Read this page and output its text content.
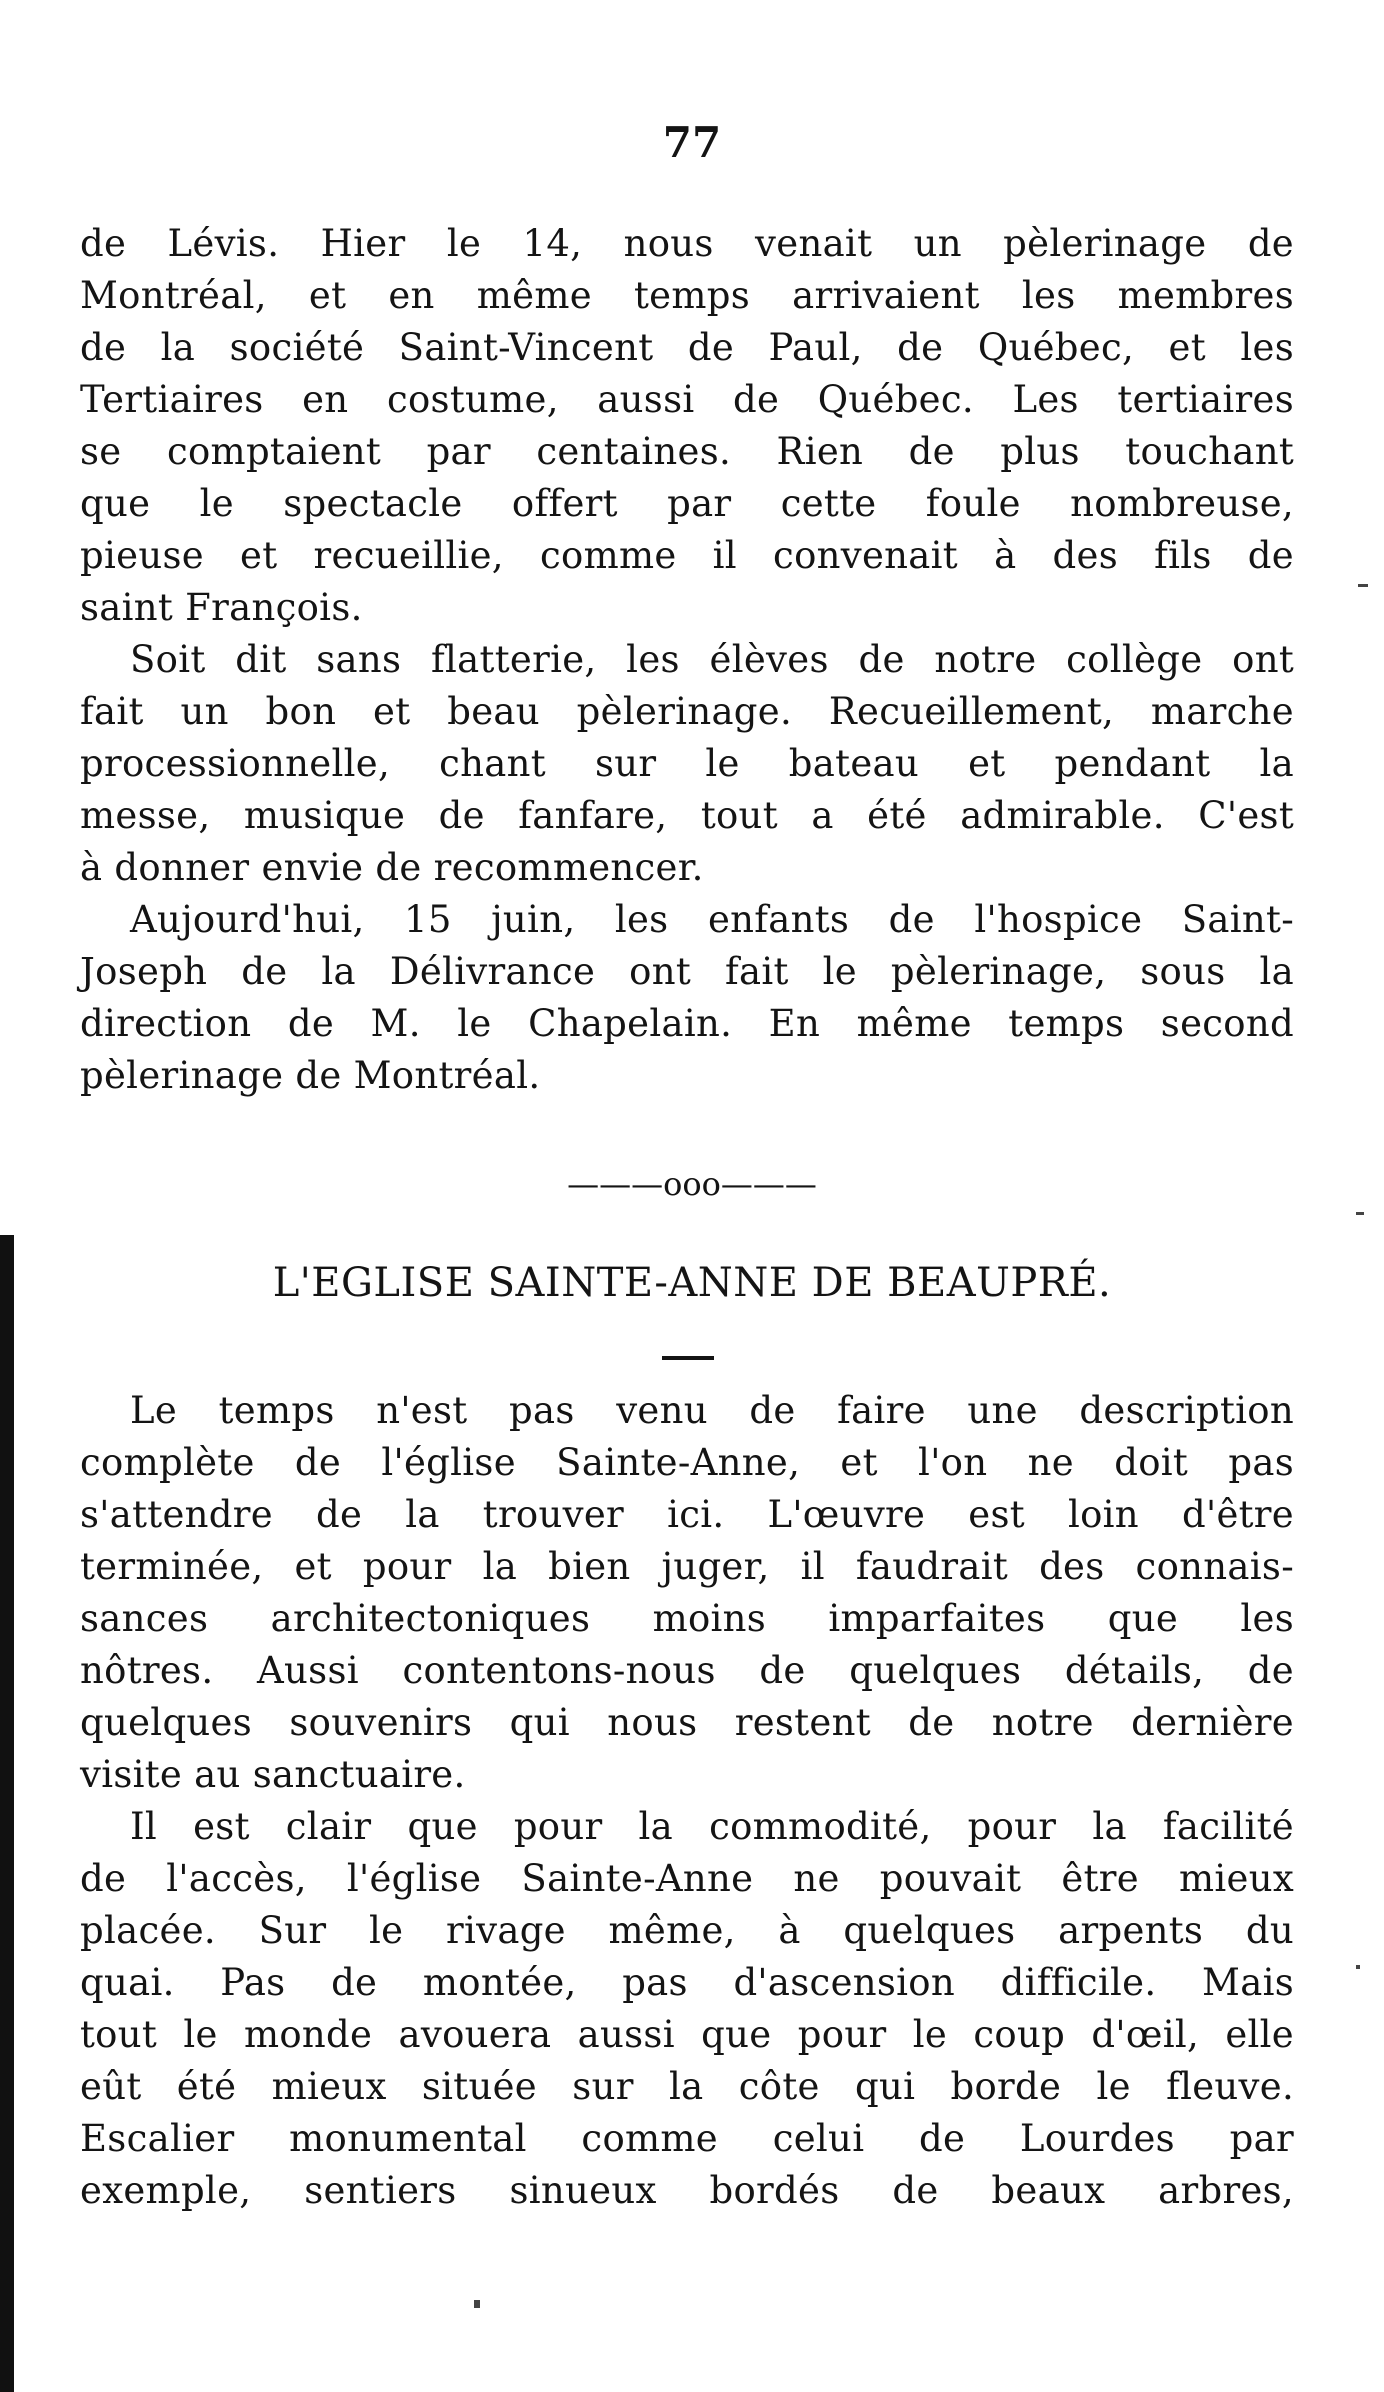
77
de Lévis. Hier le 14, nous venait un pèlerinage de
Montréal, et en même temps arrivaient les membres
de la société Saint-Vincent de Paul, de Québec, et les
Tertiaires en costume, aussi de Québec. Les tertiaires
se comptaient par centaines. Rien de plus touchant
que le spectacle offert par cette foule nombreuse,
pieuse et recueillie, comme il convenait à des fils de
saint François.
Soit dit sans flatterie, les élèves de notre collège ont
fait un bon et beau pèlerinage. Recueillement, marche
processionnelle, chant sur le bateau et pendant la
messe, musique de fanfare, tout a été admirable. C'est
à donner envie de recommencer.
Aujourd'hui, 15 juin, les enfants de l'hospice Saint-
Joseph de la Délivrance ont fait le pèlerinage, sous la
direction de M. le Chapelain. En même temps second
pèlerinage de Montréal.
———ooo———
L'EGLISE SAINTE-ANNE DE BEAUPRÉ.
Le temps n'est pas venu de faire une description
complète de l'église Sainte-Anne, et l'on ne doit pas
s'attendre de la trouver ici. L'œuvre est loin d'être
terminée, et pour la bien juger, il faudrait des connais-
sances architectoniques moins imparfaites que les
nôtres. Aussi contentons-nous de quelques détails, de
quelques souvenirs qui nous restent de notre dernière
visite au sanctuaire.
Il est clair que pour la commodité, pour la facilité
de l'accès, l'église Sainte-Anne ne pouvait être mieux
placée. Sur le rivage même, à quelques arpents du
quai. Pas de montée, pas d'ascension difficile. Mais
tout le monde avouera aussi que pour le coup d'œil, elle
eût été mieux située sur la côte qui borde le fleuve.
Escalier monumental comme celui de Lourdes par
exemple, sentiers sinueux bordés de beaux arbres,
